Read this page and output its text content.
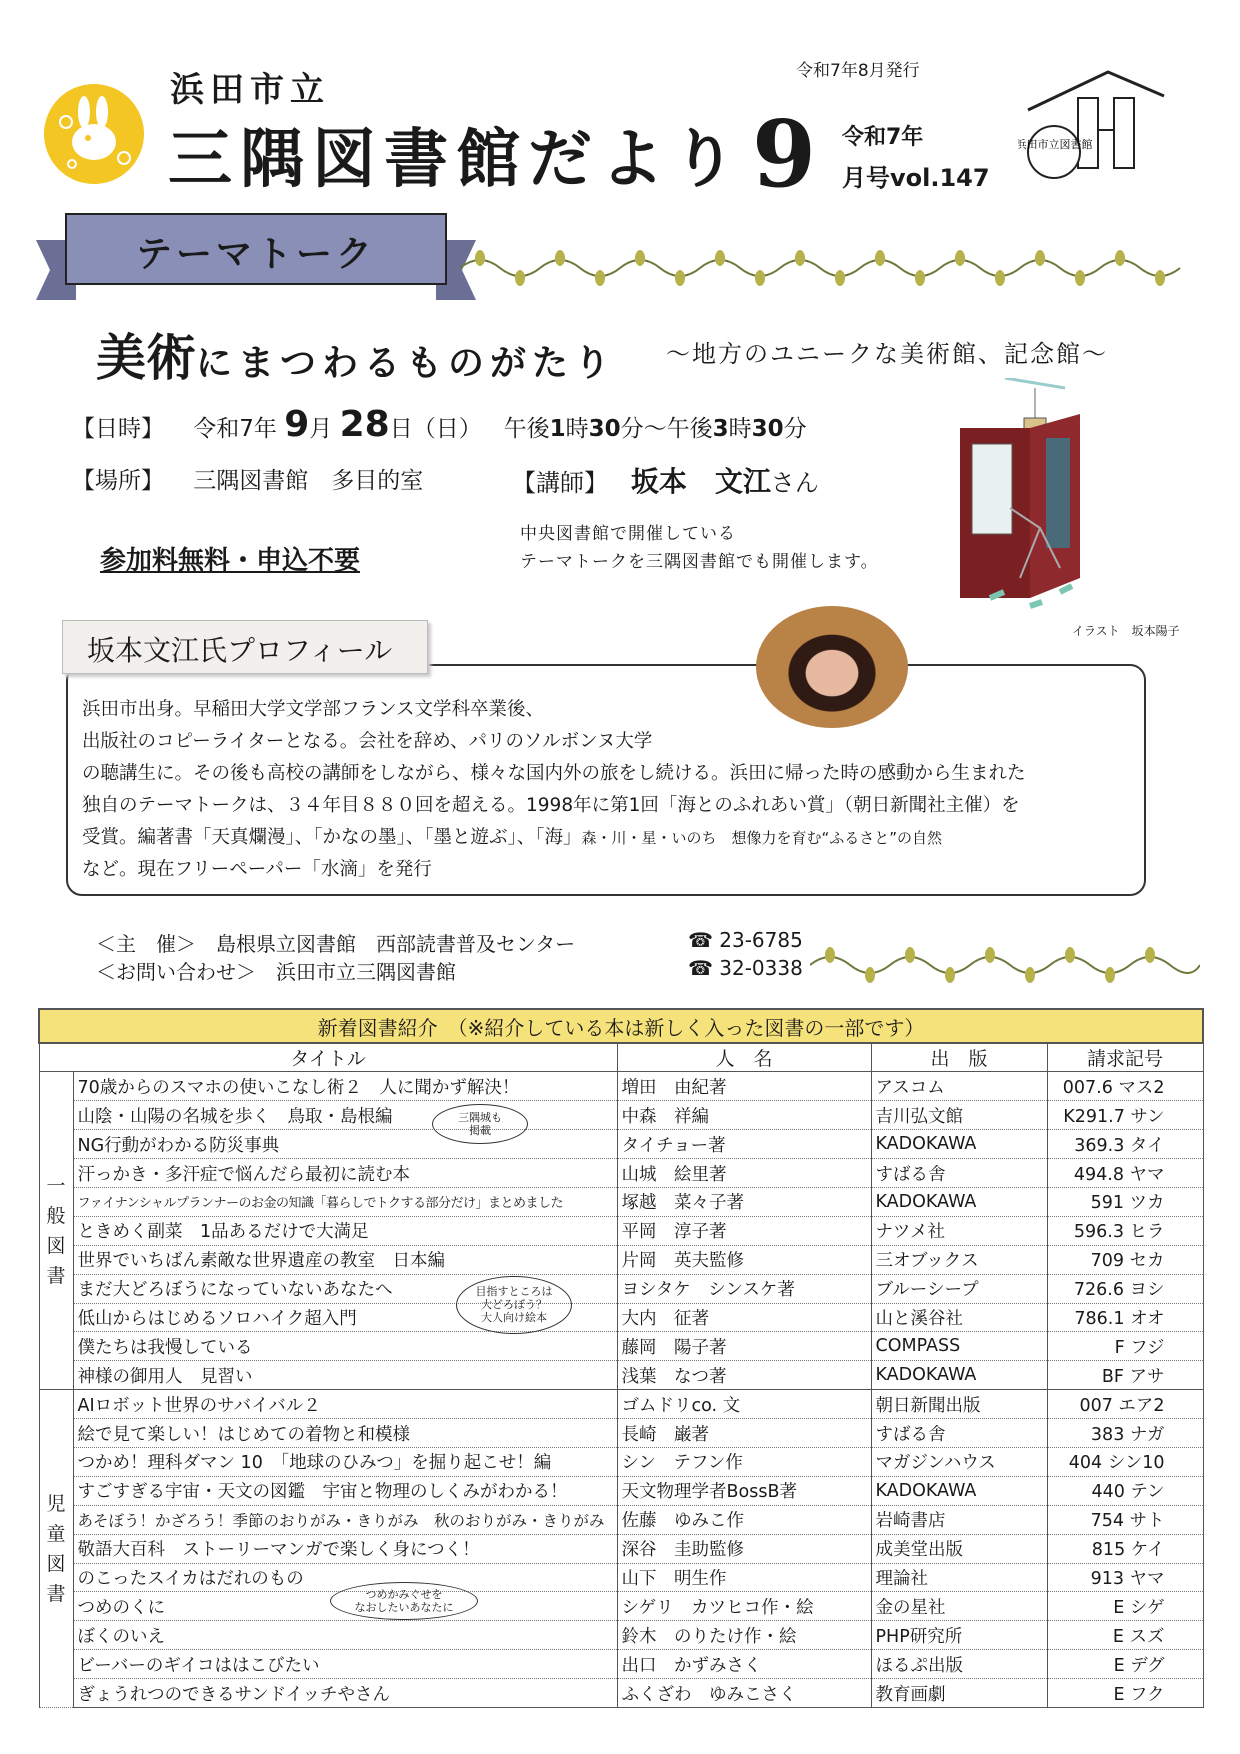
浜田市立
三隅図書館だより
令和7年8月発行
9 令和7年
月号vol.147
浜田市立図書館
テーマトーク
美術にまつわるものがたり ～地方のユニークな美術館、記念館～
【日時】 令和7年 9月 28日（日） 午後1時30分～午後3時30分
【場所】 三隅図書館　多目的室	【講師】 坂本　文江さん
参加料無料・申込不要
中央図書館で開催している
テーマトークを三隅図書館でも開催します。
イラスト　坂本陽子
坂本文江氏プロフィール
浜田市出身。早稲田大学文学部フランス文学科卒業後、
出版社のコピーライターとなる。会社を辞め、パリのソルボンヌ大学
の聴講生に。その後も高校の講師をしながら、様々な国内外の旅をし続ける。浜田に帰った時の感動から生まれた
独自のテーマトークは、３４年目８８０回を超える。1998年に第1回「海とのふれあい賞」（朝日新聞社主催）を
受賞。編著書「天真爛漫」、「かなの墨」、「墨と遊ぶ」、「海」森・川・星・いのち　想像力を育む“ふるさと”の自然
など。現在フリーペーパー「水滴」を発行
＜主　催＞　島根県立図書館　西部読書普及センター	☎ 23-6785
＜お問い合わせ＞　浜田市立三隅図書館	☎ 32-0338
新着図書紹介　（※紹介している本は新しく入った図書の一部です）				
タイトル		人　名	出　版	請求記号
一般図書	70歳からのスマホの使いこなし術２　人に聞かず解決！	増田　由紀著	アスコム	007.6 マス2
	山陰・山陽の名城を歩く　鳥取・島根編	中森　祥編	吉川弘文館	K291.7 サン
	NG行動がわかる防災事典	タイチョー著	KADOKAWA	369.3 タイ
	汗っかき・多汗症で悩んだら最初に読む本	山城　絵里著	すばる舎	494.8 ヤマ
	ファイナンシャルプランナーのお金の知識「暮らしでトクする部分だけ」まとめました	塚越　菜々子著	KADOKAWA	591 ツカ
	ときめく副菜　1品あるだけで大満足	平岡　淳子著	ナツメ社	596.3 ヒラ
	世界でいちばん素敵な世界遺産の教室　日本編	片岡　英夫監修	三オブックス	709 セカ
	まだ大どろぼうになっていないあなたへ	ヨシタケ　シンスケ著	ブルーシープ	726.6 ヨシ
	低山からはじめるソロハイク超入門	大内　征著	山と溪谷社	786.1 オオ
	僕たちは我慢している	藤岡　陽子著	COMPASS	F フジ
	神様の御用人　見習い	浅葉　なつ著	KADOKAWA	BF アサ
児童図書	AIロボット世界のサバイバル２	ゴムドリco. 文	朝日新聞出版	007 エア2
	絵で見て楽しい！はじめての着物と和模様	長崎　巌著	すばる舎	383 ナガ
	つかめ！理科ダマン 10　「地球のひみつ」を掘り起こせ！編	シン　テフン作	マガジンハウス	404 シン10
	すごすぎる宇宙・天文の図鑑　宇宙と物理のしくみがわかる！	天文物理学者BossB著	KADOKAWA	440 テン
	あそぼう！かざろう！季節のおりがみ・きりがみ　秋のおりがみ・きりがみ	佐藤　ゆみこ作	岩崎書店	754 サト
	敬語大百科　ストーリーマンガで楽しく身につく！	深谷　圭助監修	成美堂出版	815 ケイ
	のこったスイカはだれのもの	山下　明生作	理論社	913 ヤマ
	つめのくに	シゲリ　カツヒコ作・絵	金の星社	E シゲ
	ぼくのいえ	鈴木　のりたけ作・絵	PHP研究所	E スズ
	ビーバーのギイコははこびたい	出口　かずみさく	ほるぷ出版	E デグ
	ぎょうれつのできるサンドイッチやさん	ふくざわ　ゆみこさく	教育画劇	E フク
三隅城も
掲載
目指すところは
大どろぼう？
大人向け絵本
つめかみぐせを
なおしたいあなたに
